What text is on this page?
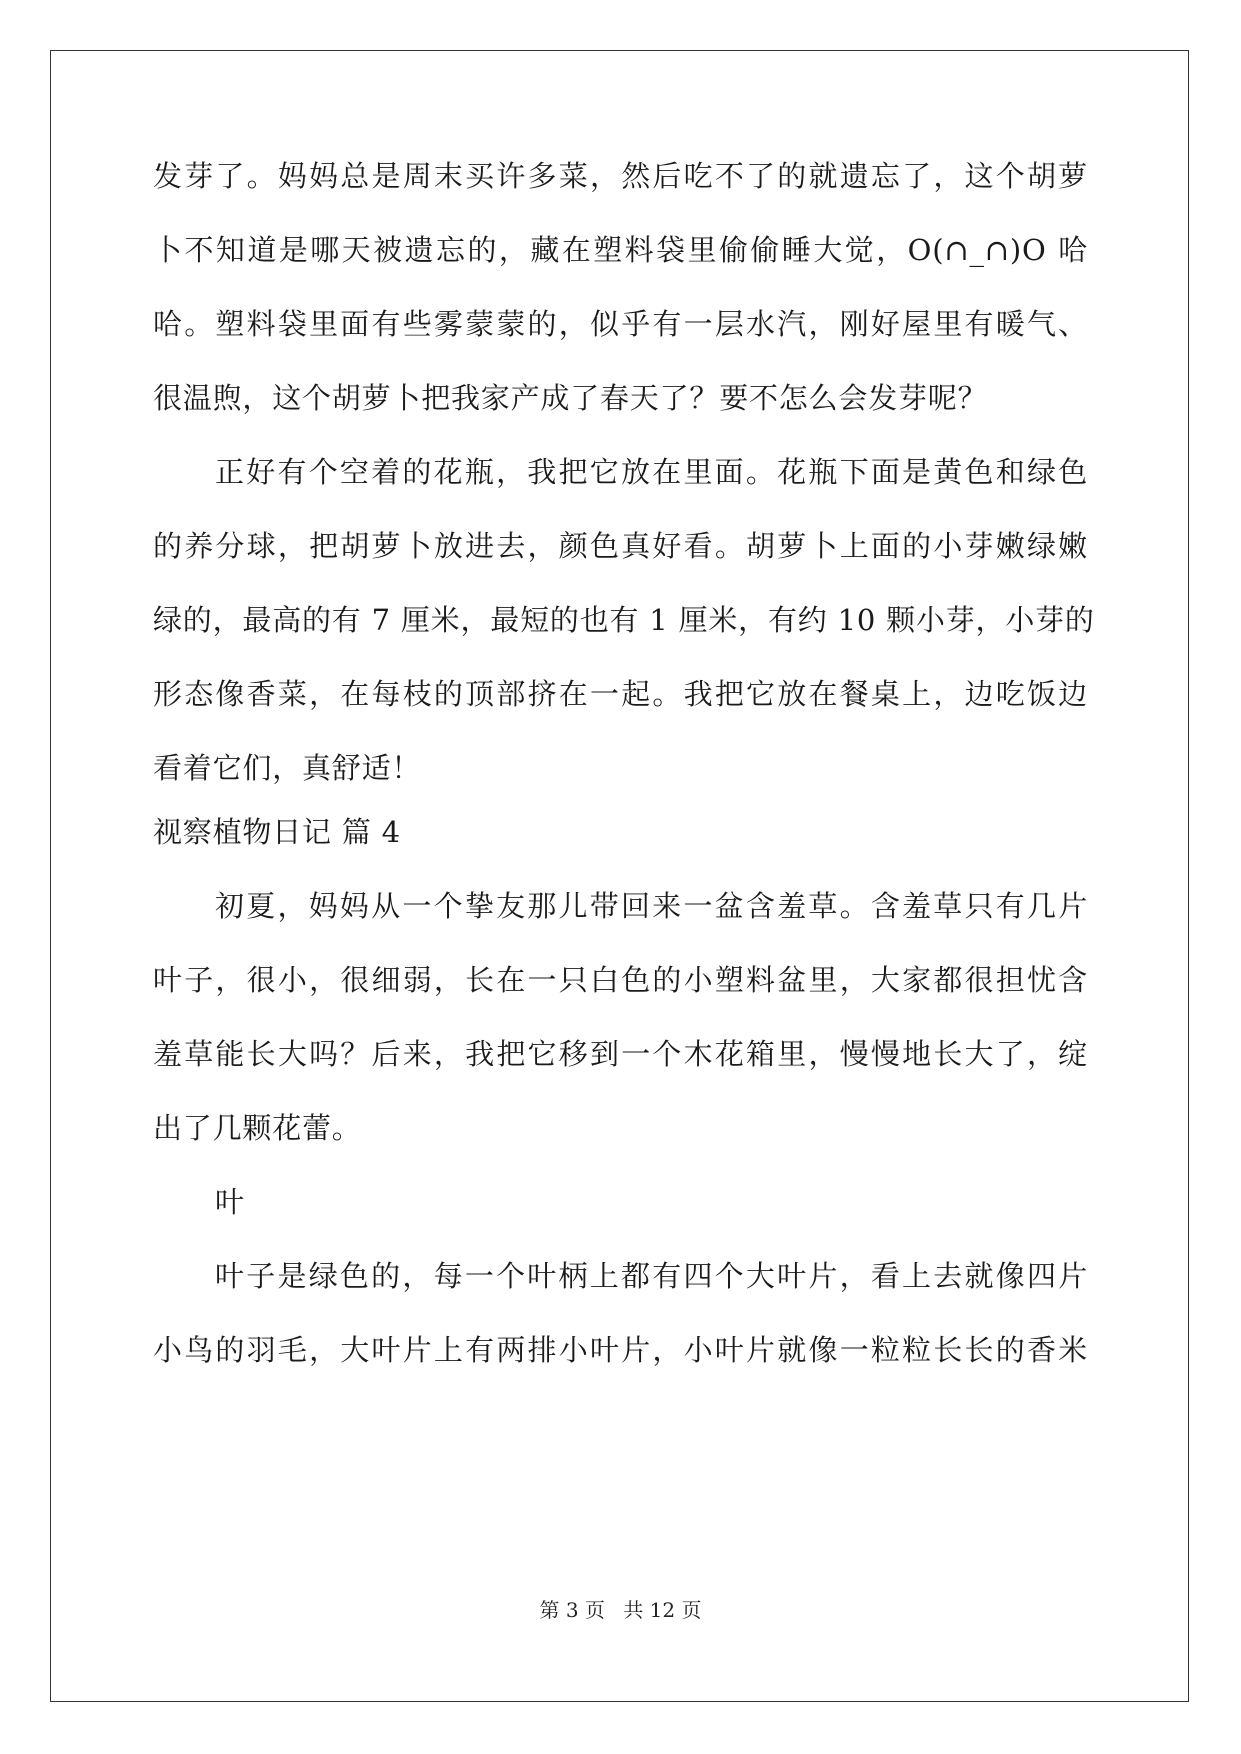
发芽了。妈妈总是周末买许多菜，然后吃不了的就遗忘了，这个胡萝
卜不知道是哪天被遗忘的，藏在塑料袋里偷偷睡大觉，O(∩_∩)O 哈
哈。塑料袋里面有些雾蒙蒙的，似乎有一层水汽，刚好屋里有暖气、
很温煦，这个胡萝卜把我家产成了春天了？要不怎么会发芽呢？
正好有个空着的花瓶，我把它放在里面。花瓶下面是黄色和绿色
的养分球，把胡萝卜放进去，颜色真好看。胡萝卜上面的小芽嫩绿嫩
绿的，最高的有 7 厘米，最短的也有 1 厘米，有约 10 颗小芽，小芽的
形态像香菜，在每枝的顶部挤在一起。我把它放在餐桌上，边吃饭边
看着它们，真舒适！
视察植物日记 篇 4
初夏，妈妈从一个挚友那儿带回来一盆含羞草。含羞草只有几片
叶子，很小，很细弱，长在一只白色的小塑料盆里，大家都很担忧含
羞草能长大吗？后来，我把它移到一个木花箱里，慢慢地长大了，绽
出了几颗花蕾。
叶
叶子是绿色的，每一个叶柄上都有四个大叶片，看上去就像四片
小鸟的羽毛，大叶片上有两排小叶片，小叶片就像一粒粒长长的香米
第 3 页 共 12 页
